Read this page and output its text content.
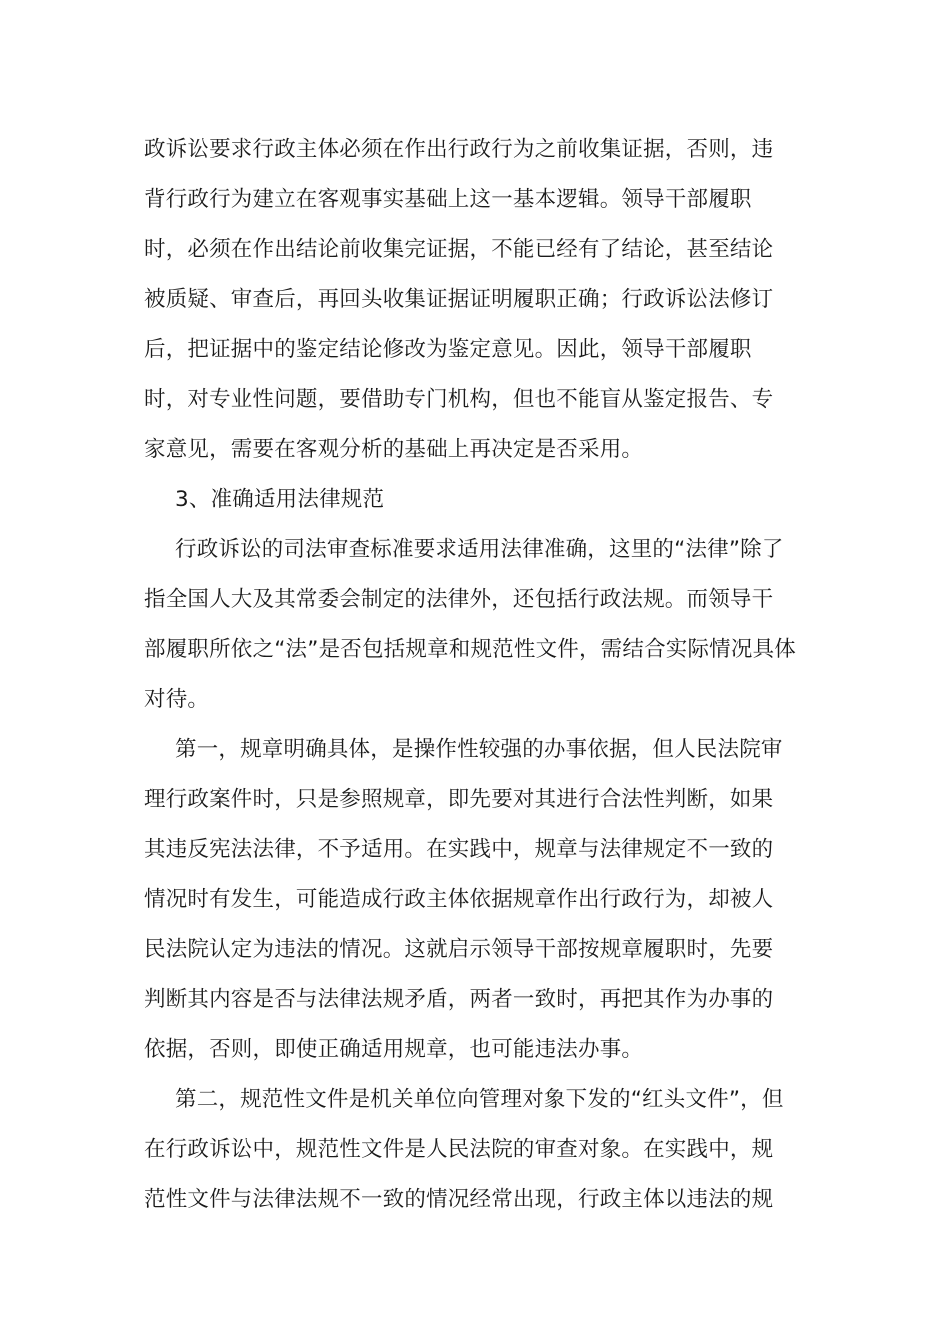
政诉讼要求行政主体必须在作出行政行为之前收集证据，否则，违
背行政行为建立在客观事实基础上这一基本逻辑。领导干部履职
时，必须在作出结论前收集完证据，不能已经有了结论，甚至结论
被质疑、审查后，再回头收集证据证明履职正确；行政诉讼法修订
后，把证据中的鉴定结论修改为鉴定意见。因此，领导干部履职
时，对专业性问题，要借助专门机构，但也不能盲从鉴定报告、专
家意见，需要在客观分析的基础上再决定是否采用。
3、准确适用法律规范
行政诉讼的司法审查标准要求适用法律准确，这里的“法律”除了
指全国人大及其常委会制定的法律外，还包括行政法规。而领导干
部履职所依之“法”是否包括规章和规范性文件，需结合实际情况具体
对待。
第一，规章明确具体，是操作性较强的办事依据，但人民法院审
理行政案件时，只是参照规章，即先要对其进行合法性判断，如果
其违反宪法法律，不予适用。在实践中，规章与法律规定不一致的
情况时有发生，可能造成行政主体依据规章作出行政行为，却被人
民法院认定为违法的情况。这就启示领导干部按规章履职时，先要
判断其内容是否与法律法规矛盾，两者一致时，再把其作为办事的
依据，否则，即使正确适用规章，也可能违法办事。
第二，规范性文件是机关单位向管理对象下发的“红头文件”，但
在行政诉讼中，规范性文件是人民法院的审查对象。在实践中，规
范性文件与法律法规不一致的情况经常出现，行政主体以违法的规
